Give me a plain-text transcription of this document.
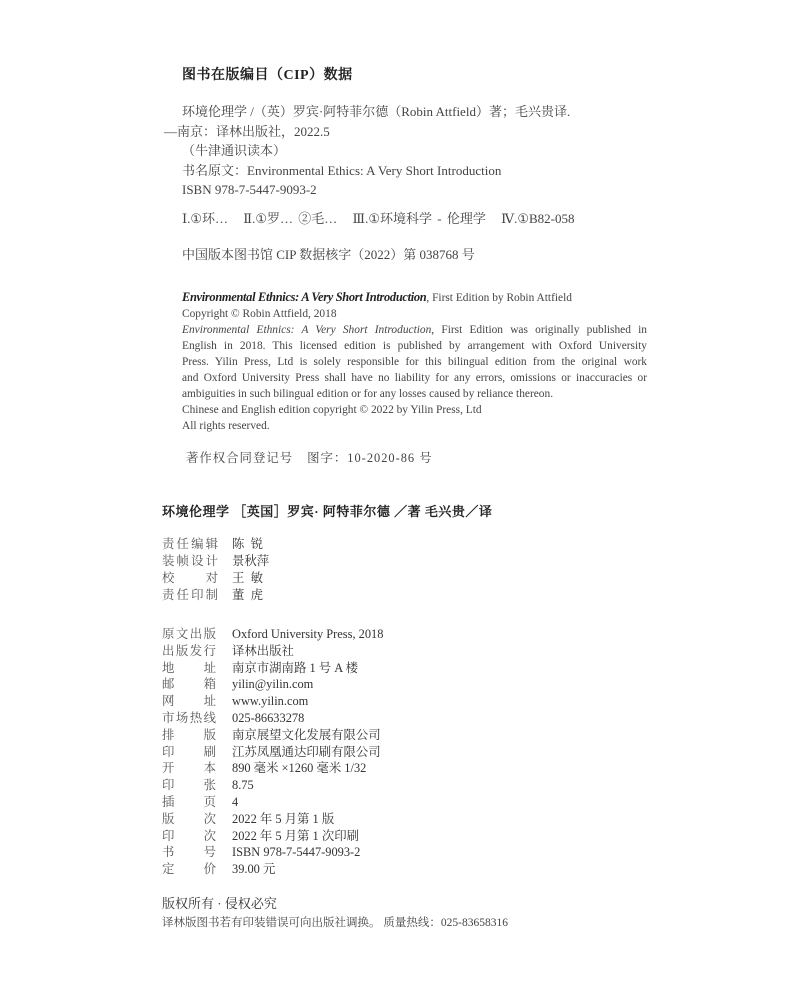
图书在版编目（CIP）数据
环境伦理学 /（英）罗宾·阿特菲尔德（Robin Attfield）著；毛兴贵译.
—南京：译林出版社，2022.5
（牛津通识读本）
书名原文：Environmental Ethics: A Very Short Introduction
ISBN 978-7-5447-9093-2
Ⅰ.①环… Ⅱ.①罗… ②毛… Ⅲ.①环境科学 - 伦理学 Ⅳ.①B82-058
中国版本图书馆 CIP 数据核字（2022）第 038768 号
Environmental Ethnics: A Very Short Introduction, First Edition by Robin Attfield
Copyright © Robin Attfield, 2018
Environmental Ethnics: A Very Short Introduction, First Edition was originally published in
English in 2018. This licensed edition is published by arrangement with Oxford University
Press. Yilin Press, Ltd is solely responsible for this bilingual edition from the original work
and Oxford University Press shall have no liability for any errors, omissions or inaccuracies or
ambiguities in such bilingual edition or for any losses caused by reliance thereon.
Chinese and English edition copyright © 2022 by Yilin Press, Ltd
All rights reserved.
著作权合同登记号 图字：10-2020-86 号
环境伦理学 ［英国］罗宾· 阿特菲尔德 ／著 毛兴贵／译
责任编辑 陈  锐
装帧设计 景秋萍
校 对 王  敏
责任印制 董  虎
原文出版 Oxford University Press, 2018
出版发行 译林出版社
地 址 南京市湖南路 1 号 A 楼
邮 箱 yilin@yilin.com
网 址 www.yilin.com
市场热线 025-86633278
排 版 南京展望文化发展有限公司
印 刷 江苏凤凰通达印刷有限公司
开 本 890 毫米 ×1260 毫米 1/32
印 张 8.75
插 页 4
版 次 2022 年 5 月第 1 版
印 次 2022 年 5 月第 1 次印刷
书 号 ISBN 978-7-5447-9093-2
定 价 39.00 元
版权所有 · 侵权必究
译林版图书若有印装错误可向出版社调换。 质量热线：025-83658316
